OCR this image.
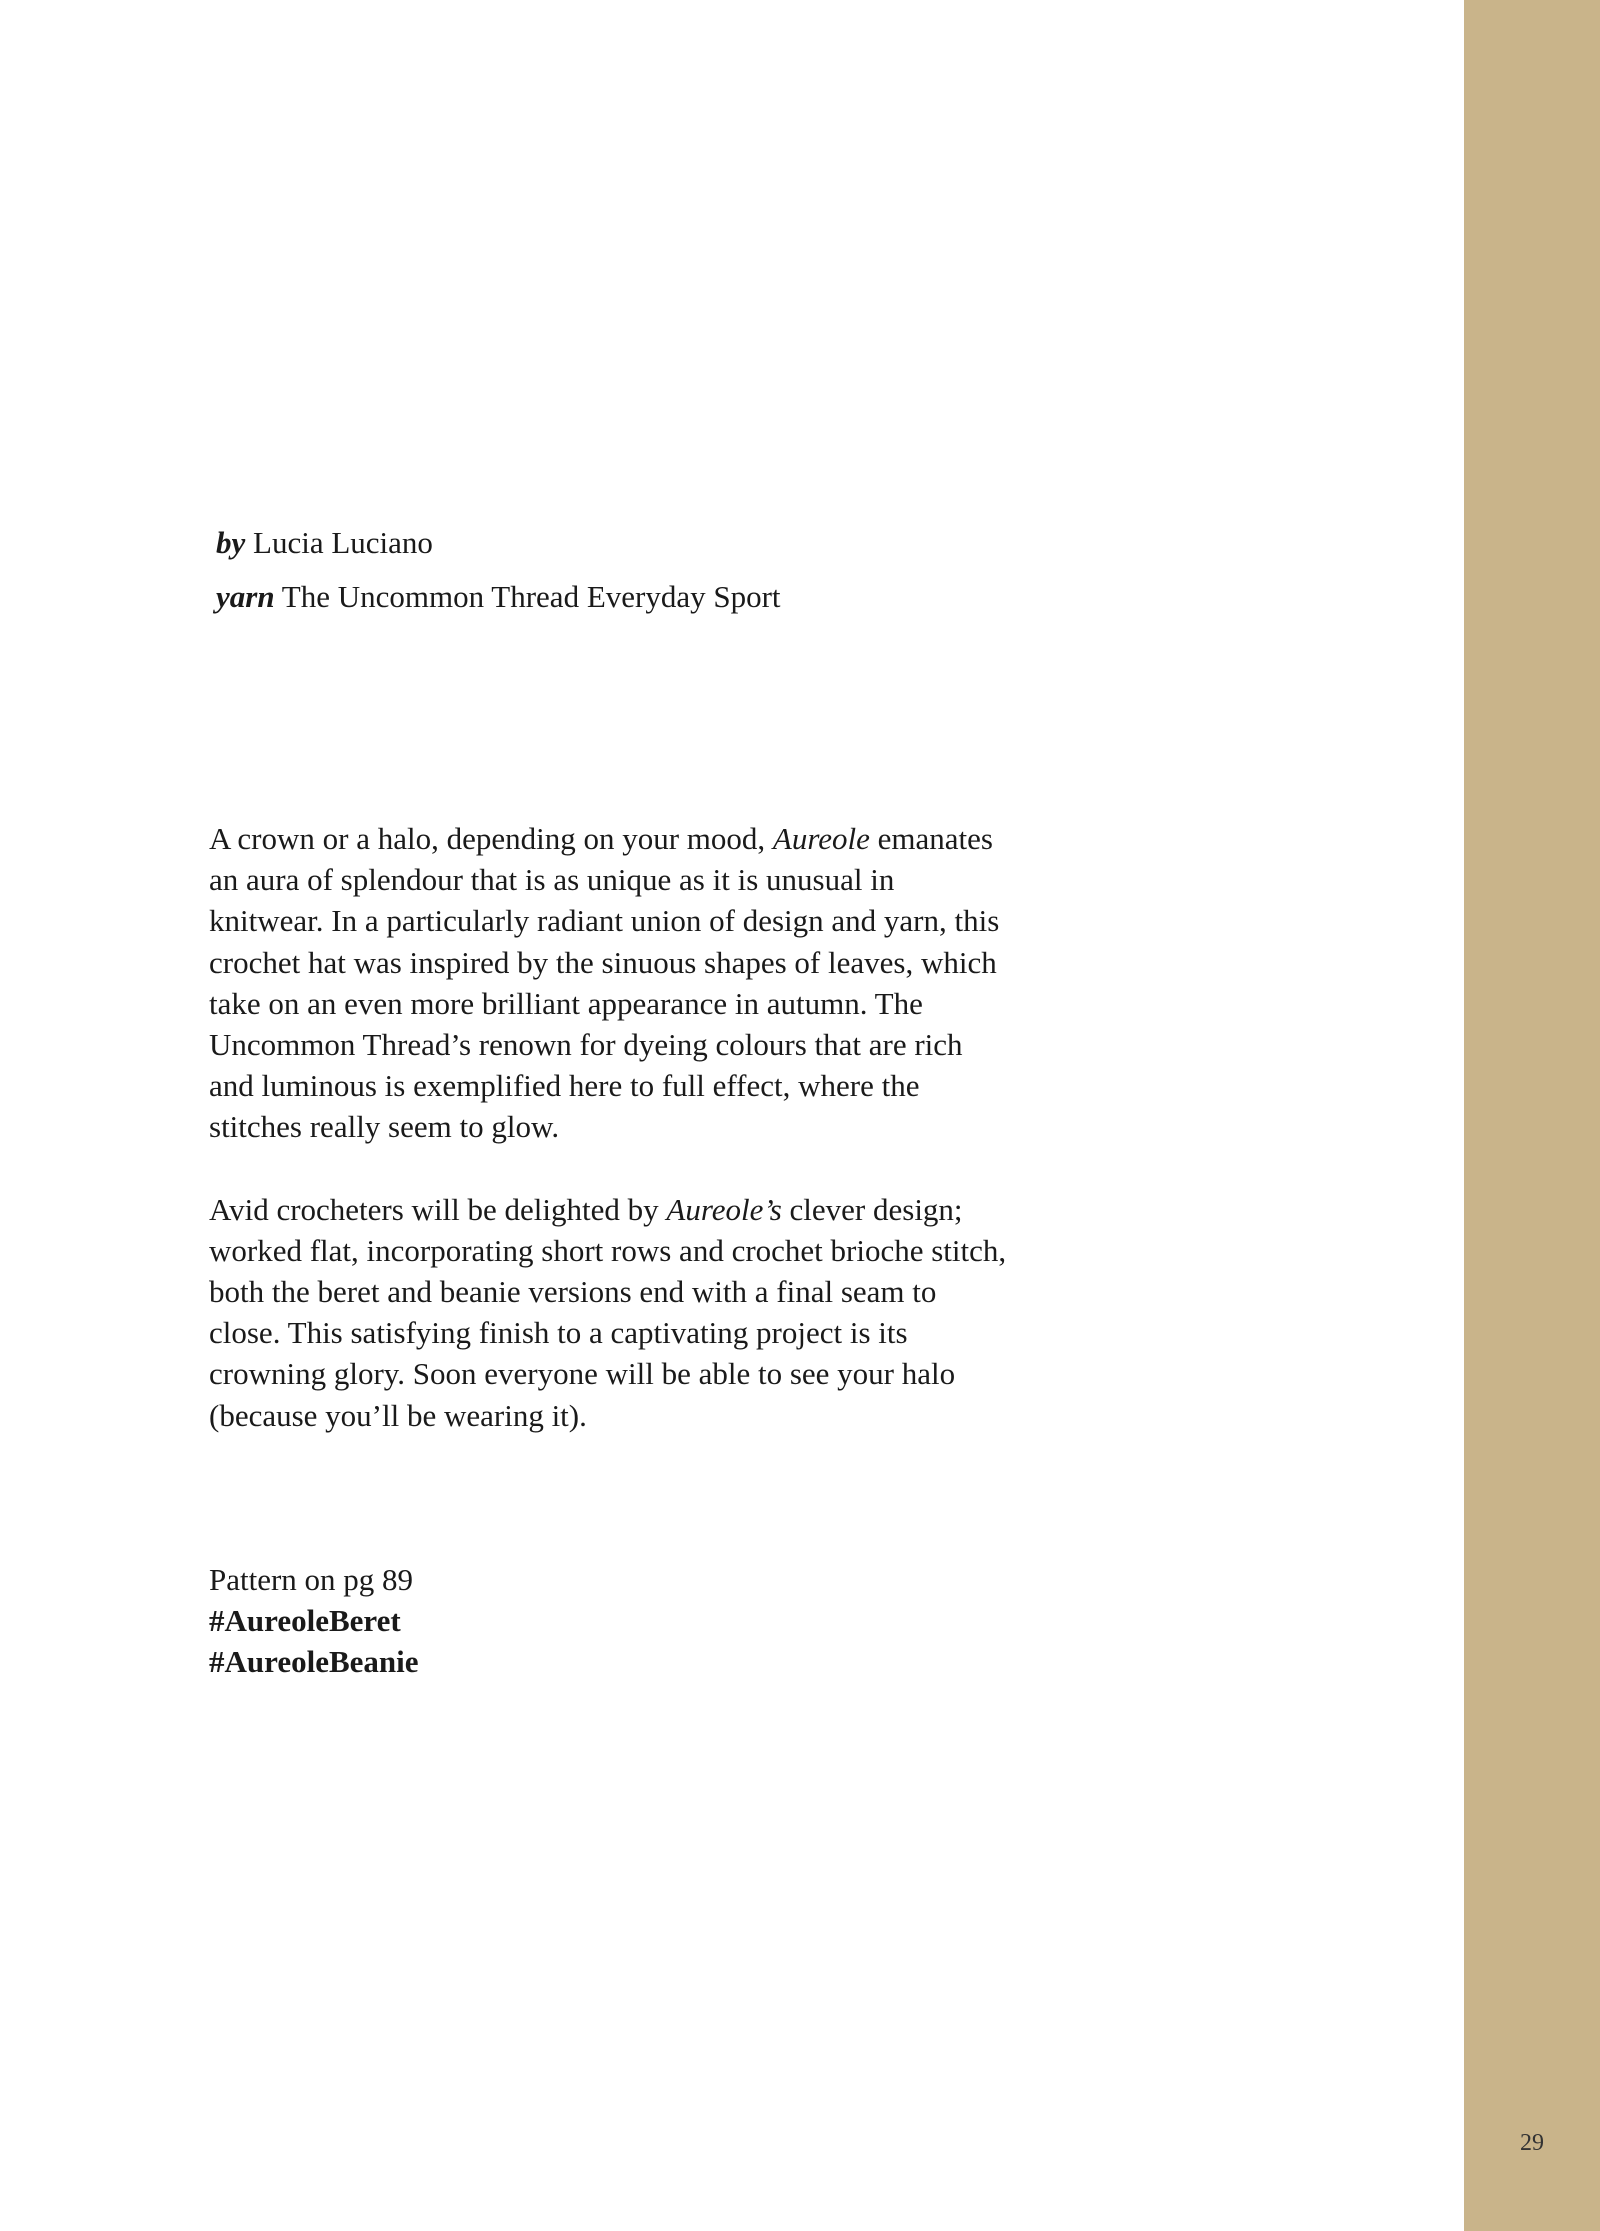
by Lucia Luciano
yarn The Uncommon Thread Everyday Sport

A crown or a halo, depending on your mood, Aureole emanates an aura of splendour that is as unique as it is unusual in knitwear. In a particularly radiant union of design and yarn, this crochet hat was inspired by the sinuous shapes of leaves, which take on an even more brilliant appearance in autumn. The Uncommon Thread’s renown for dyeing colours that are rich and luminous is exemplified here to full effect, where the stitches really seem to glow.

Avid crocheters will be delighted by Aureole’s clever design; worked flat, incorporating short rows and crochet brioche stitch, both the beret and beanie versions end with a final seam to close. This satisfying finish to a captivating project is its crowning glory. Soon everyone will be able to see your halo (because you’ll be wearing it).

Pattern on pg 89
#AureoleBeret
#AureoleBeanie
29
